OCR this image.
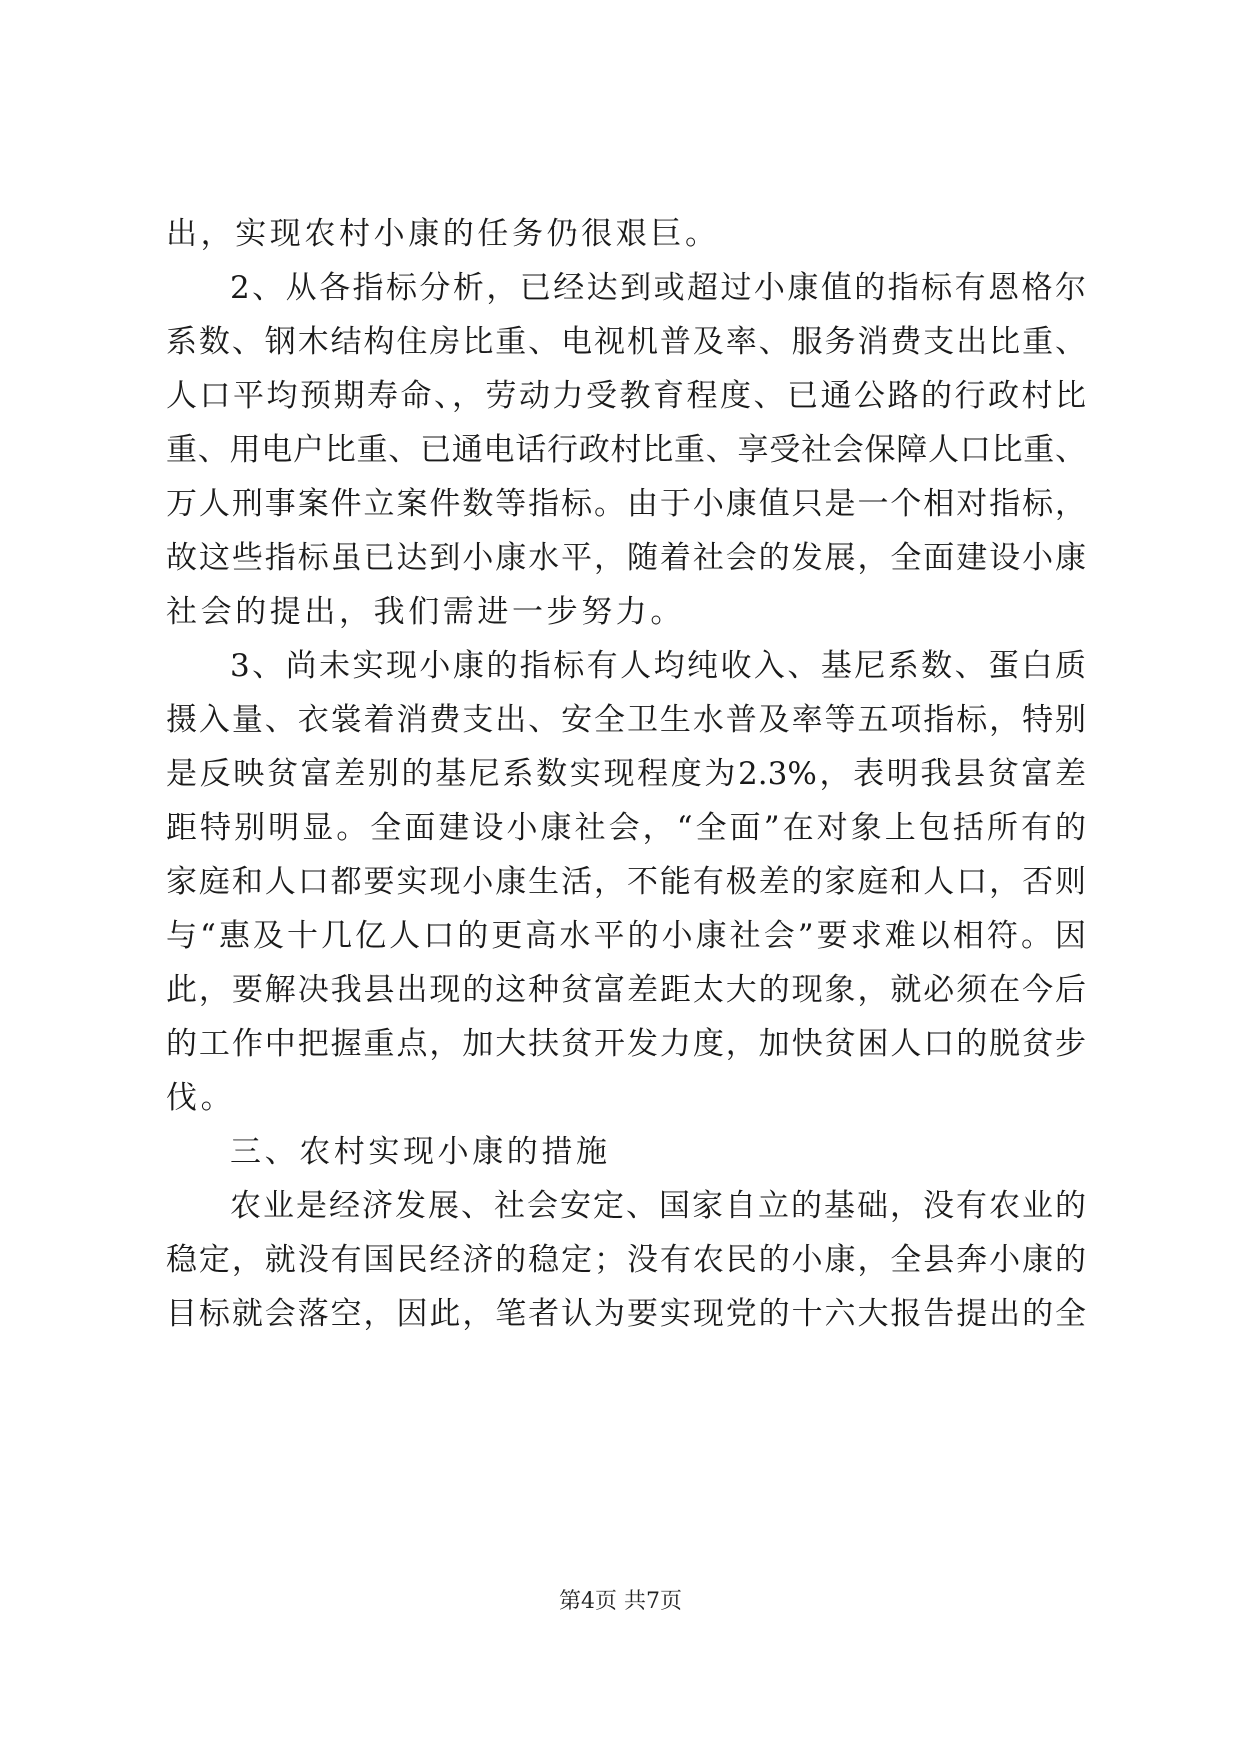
出，实现农村小康的任务仍很艰巨。
2、从各指标分析，已经达到或超过小康值的指标有恩格尔
系数、钢木结构住房比重、电视机普及率、服务消费支出比重、
人口平均预期寿命、，劳动力受教育程度、已通公路的行政村比
重、用电户比重、已通电话行政村比重、享受社会保障人口比重、
万人刑事案件立案件数等指标。由于小康值只是一个相对指标，
故这些指标虽已达到小康水平，随着社会的发展，全面建设小康
社会的提出，我们需进一步努力。
3、尚未实现小康的指标有人均纯收入、基尼系数、蛋白质
摄入量、衣裳着消费支出、安全卫生水普及率等五项指标，特别
是反映贫富差别的基尼系数实现程度为2.3%，表明我县贫富差
距特别明显。全面建设小康社会，“全面”在对象上包括所有的
家庭和人口都要实现小康生活，不能有极差的家庭和人口，否则
与“惠及十几亿人口的更高水平的小康社会”要求难以相符。因
此，要解决我县出现的这种贫富差距太大的现象，就必须在今后
的工作中把握重点，加大扶贫开发力度，加快贫困人口的脱贫步
伐。
三、农村实现小康的措施
农业是经济发展、社会安定、国家自立的基础，没有农业的
稳定，就没有国民经济的稳定；没有农民的小康，全县奔小康的
目标就会落空，因此，笔者认为要实现党的十六大报告提出的全
第4页 共7页
